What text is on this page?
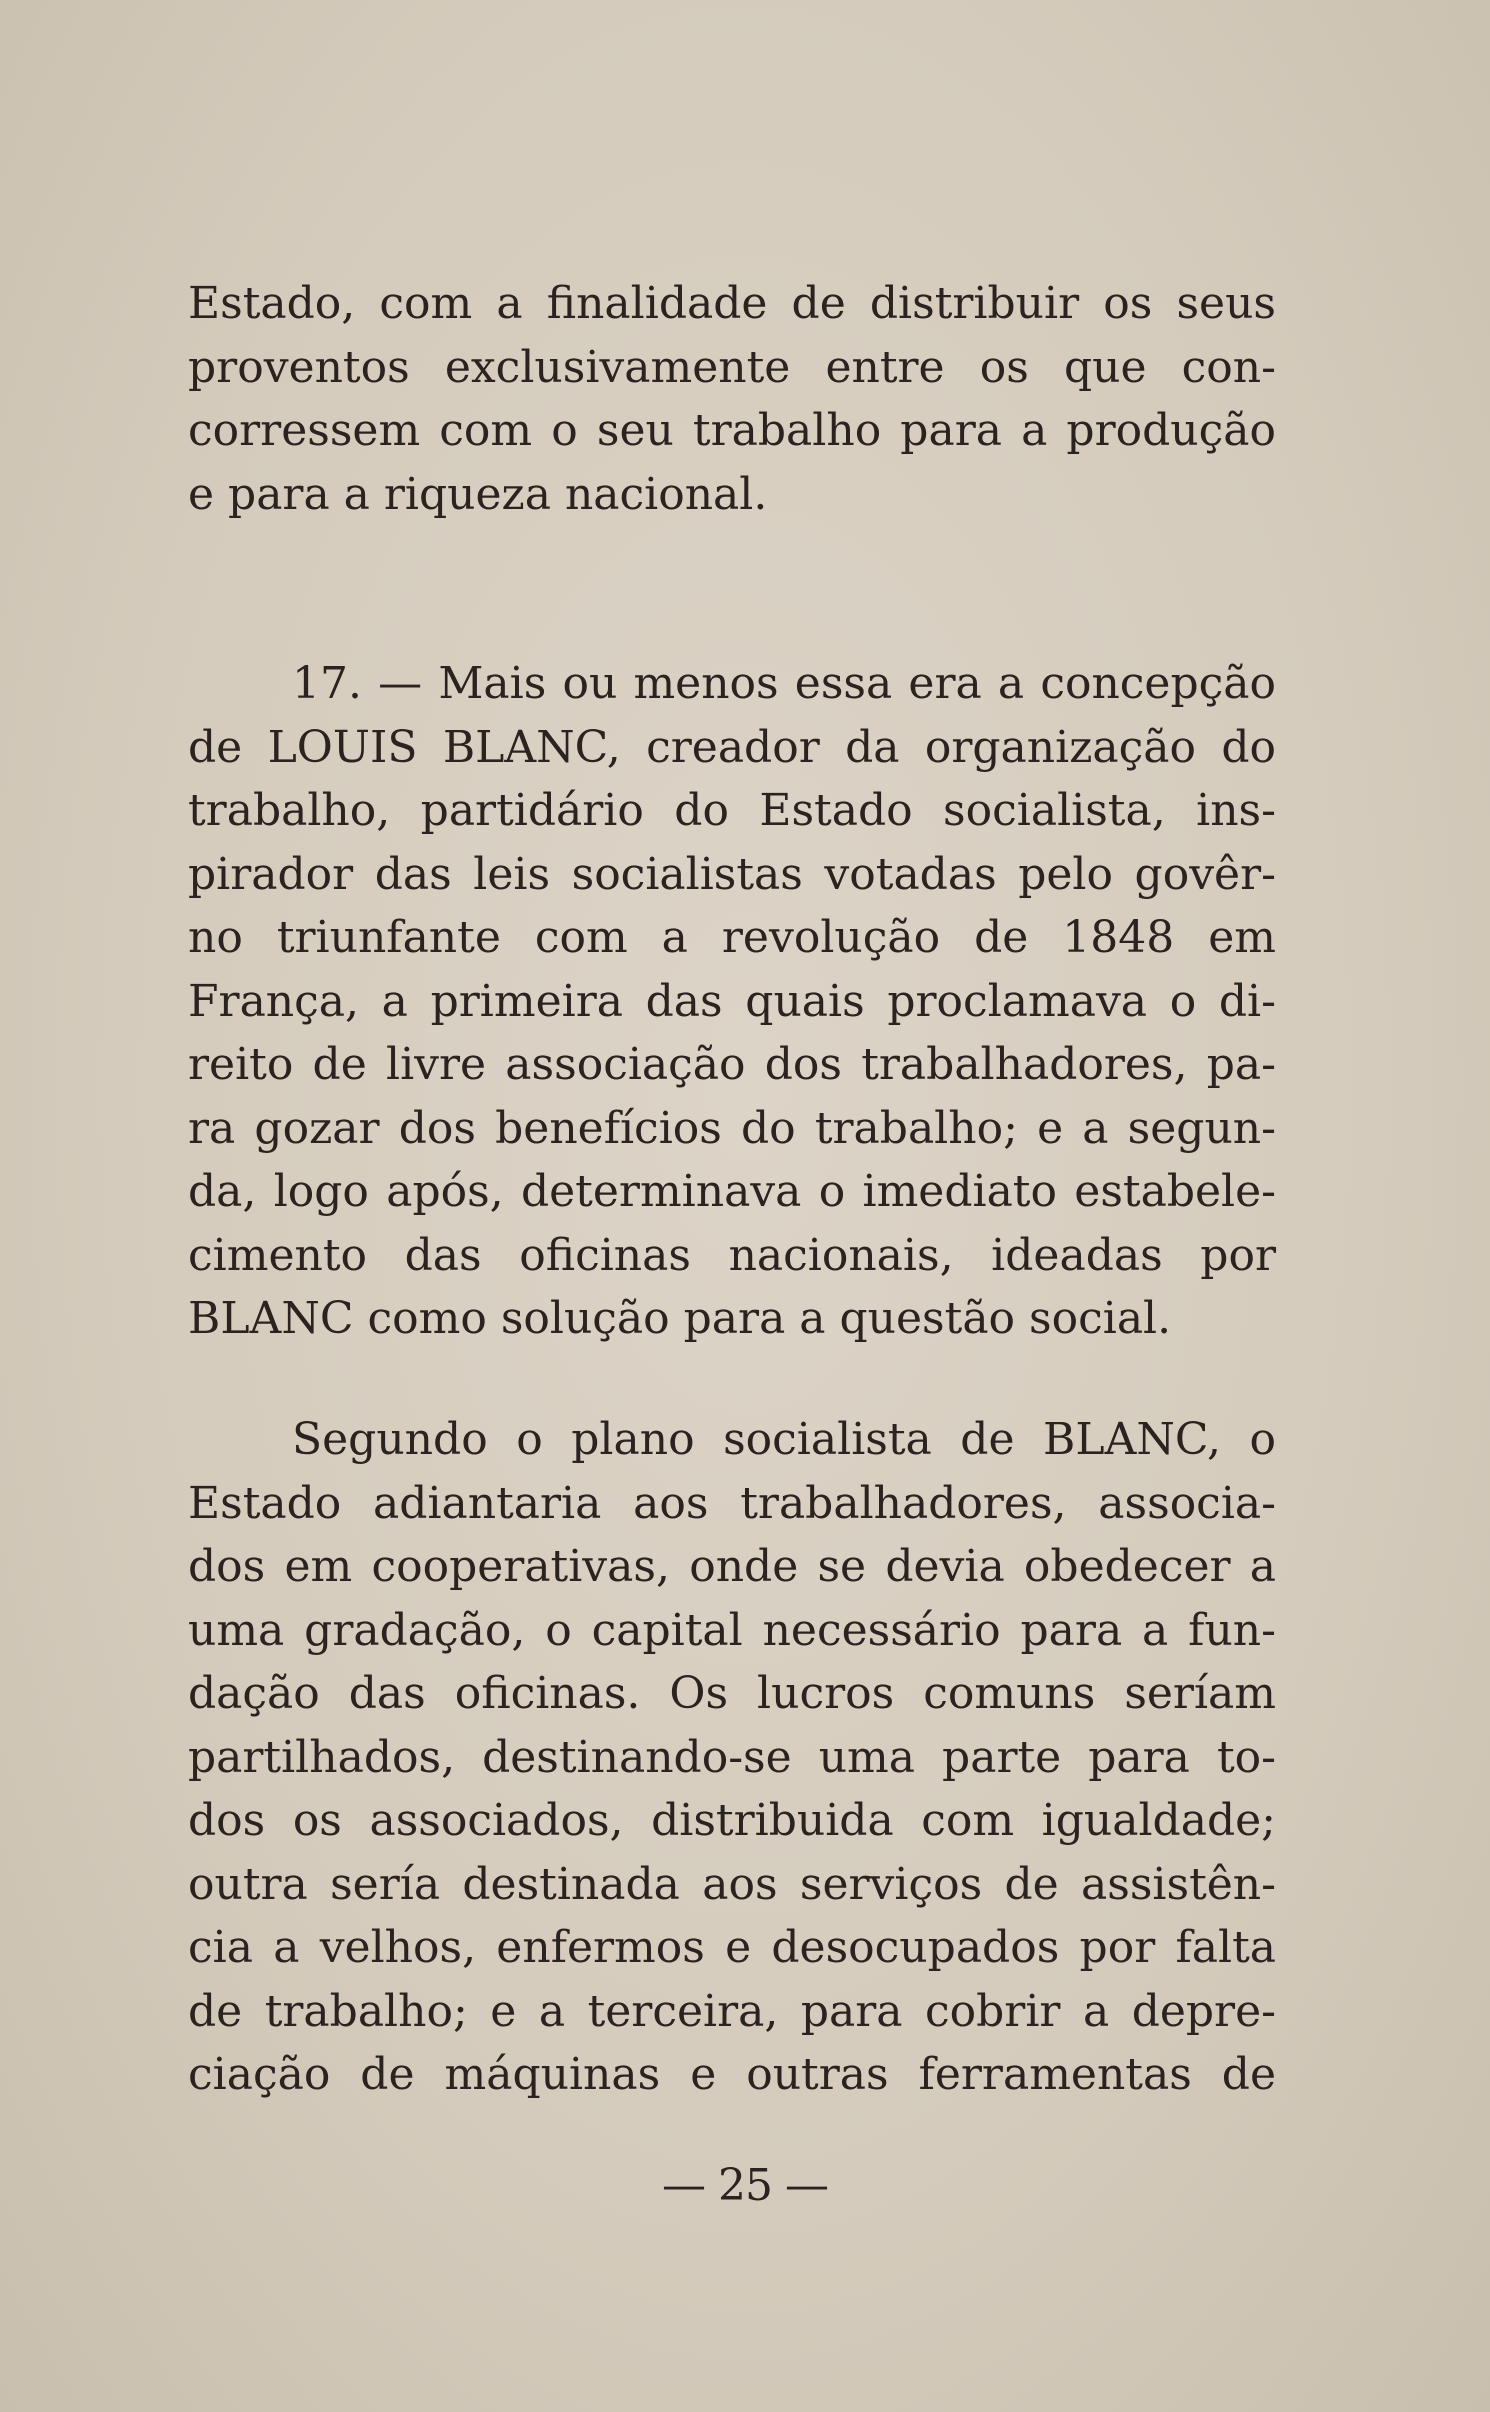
Estado, com a finalidade de distribuir os seus
proventos exclusivamente entre os que con-
corressem com o seu trabalho para a produção
e para a riqueza nacional.
17. — Mais ou menos essa era a concepção
de LOUIS BLANC, creador da organização do
trabalho, partidário do Estado socialista, ins-
pirador das leis socialistas votadas pelo govêr-
no triunfante com a revolução de 1848 em
França, a primeira das quais proclamava o di-
reito de livre associação dos trabalhadores, pa-
ra gozar dos benefícios do trabalho; e a segun-
da, logo após, determinava o imediato estabele-
cimento das oficinas nacionais, ideadas por
BLANC como solução para a questão social.
Segundo o plano socialista de BLANC, o
Estado adiantaria aos trabalhadores, associa-
dos em cooperativas, onde se devia obedecer a
uma gradação, o capital necessário para a fun-
dação das oficinas. Os lucros comuns seríam
partilhados, destinando-se uma parte para to-
dos os associados, distribuida com igualdade;
outra sería destinada aos serviços de assistên-
cia a velhos, enfermos e desocupados por falta
de trabalho; e a terceira, para cobrir a depre-
ciação de máquinas e outras ferramentas de
— 25 —
